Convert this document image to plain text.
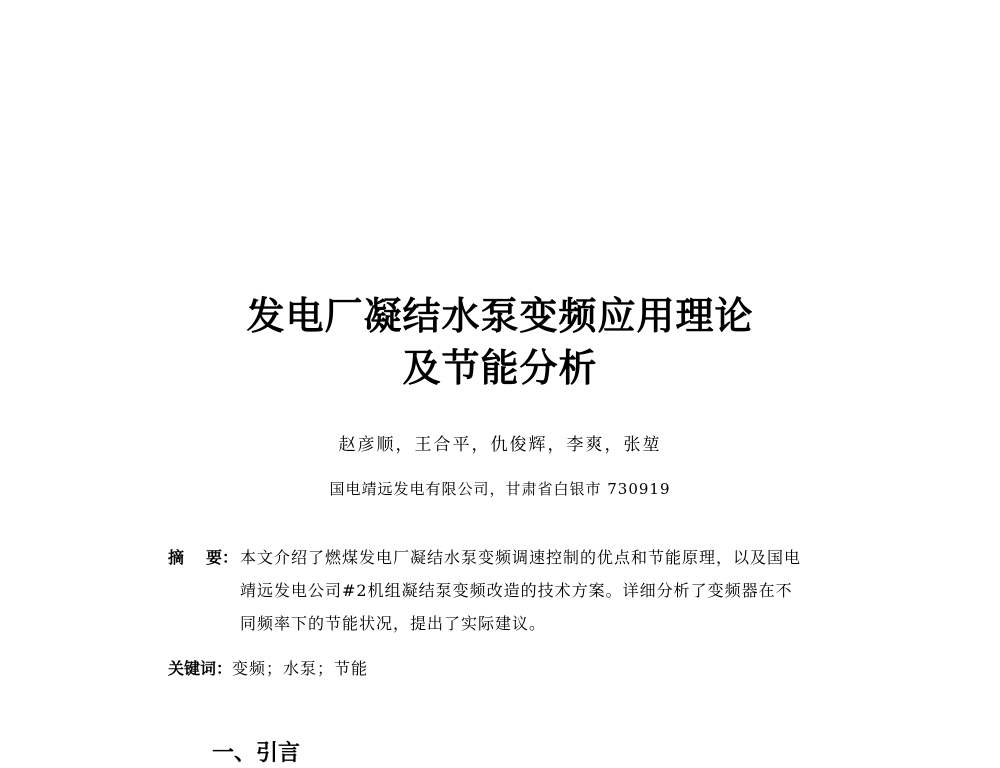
发电厂凝结水泵变频应用理论
及节能分析
赵彦顺，王合平，仇俊辉，李爽，张堃
国电靖远发电有限公司，甘肃省白银市 730919
摘 要： 本文介绍了燃煤发电厂凝结水泵变频调速控制的优点和节能原理，以及国电
靖远发电公司#2机组凝结泵变频改造的技术方案。详细分析了变频器在不
同频率下的节能状况，提出了实际建议。
关键词：变频；水泵；节能
一、引言
